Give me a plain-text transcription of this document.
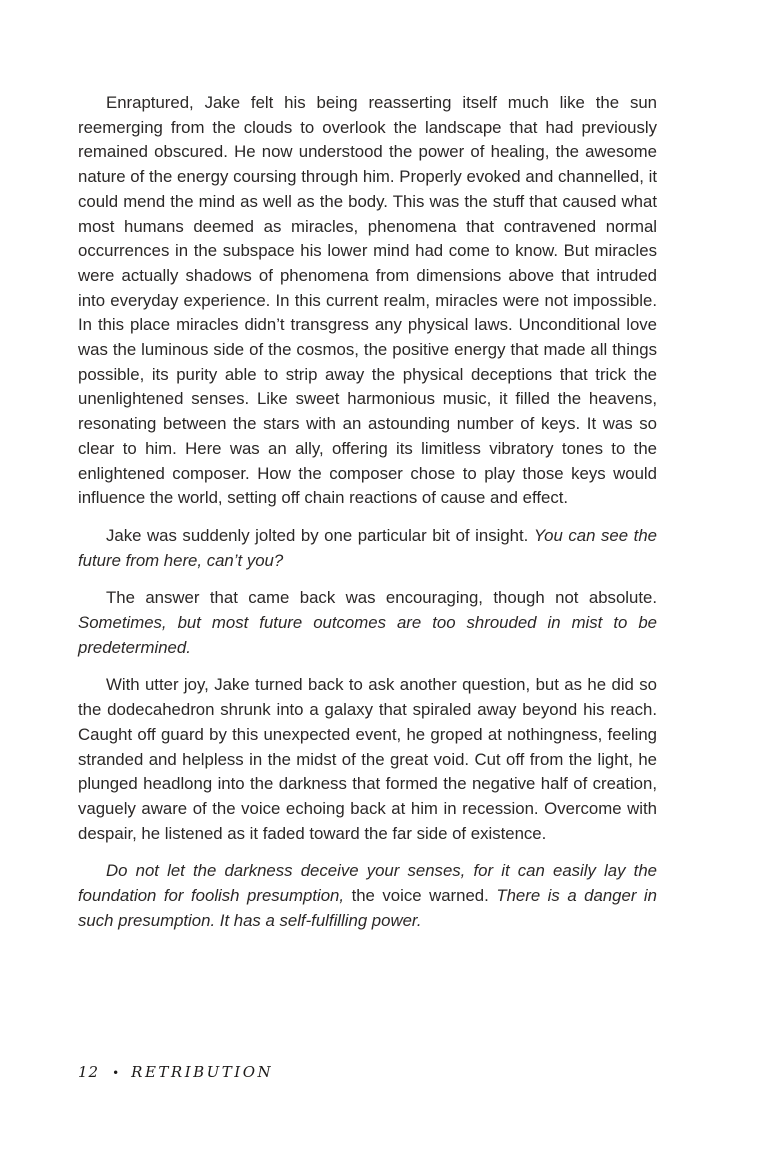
Enraptured, Jake felt his being reasserting itself much like the sun reemerging from the clouds to overlook the landscape that had previously remained obscured. He now understood the power of healing, the awesome nature of the energy coursing through him. Properly evoked and channelled, it could mend the mind as well as the body. This was the stuff that caused what most humans deemed as miracles, phenomena that contravened normal occurrences in the subspace his lower mind had come to know. But miracles were actually shadows of phenomena from dimensions above that intruded into everyday experience. In this current realm, miracles were not impossible. In this place miracles didn’t transgress any physical laws. Unconditional love was the luminous side of the cosmos, the positive energy that made all things possible, its purity able to strip away the physical deceptions that trick the unenlightened senses. Like sweet harmonious music, it filled the heavens, resonating between the stars with an astounding number of keys. It was so clear to him. Here was an ally, offering its limitless vibratory tones to the enlightened composer. How the composer chose to play those keys would influence the world, setting off chain reactions of cause and effect.

Jake was suddenly jolted by one particular bit of insight. You can see the future from here, can’t you?

The answer that came back was encouraging, though not absolute. Sometimes, but most future outcomes are too shrouded in mist to be predetermined.

With utter joy, Jake turned back to ask another question, but as he did so the dodecahedron shrunk into a galaxy that spiraled away beyond his reach. Caught off guard by this unexpected event, he groped at nothingness, feeling stranded and helpless in the midst of the great void. Cut off from the light, he plunged headlong into the darkness that formed the negative half of creation, vaguely aware of the voice echoing back at him in recession. Overcome with despair, he listened as it faded toward the far side of existence.

Do not let the darkness deceive your senses, for it can easily lay the foundation for foolish presumption, the voice warned. There is a danger in such presumption. It has a self-fulfilling power.

12 • RETRIBUTION
